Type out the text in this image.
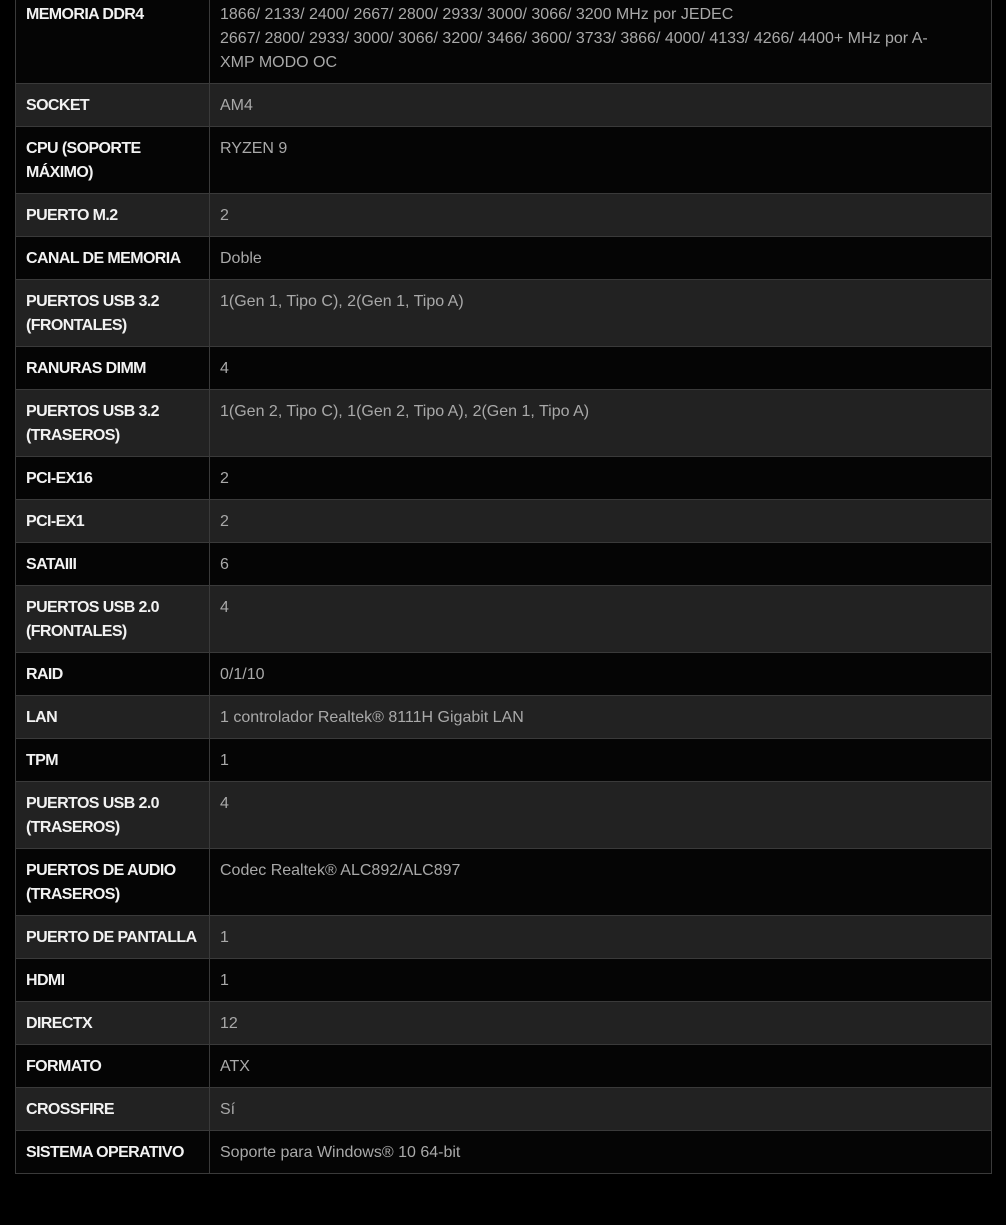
MEMORIA DDR4	1866/ 2133/ 2400/ 2667/ 2800/ 2933/ 3000/ 3066/ 3200 MHz por JEDEC
2667/ 2800/ 2933/ 3000/ 3066/ 3200/ 3466/ 3600/ 3733/ 3866/ 4000/ 4133/ 4266/ 4400+ MHz por A-
XMP MODO OC

SOCKET	AM4

CPU (SOPORTE MÁXIMO)	RYZEN 9

PUERTO M.2	2

CANAL DE MEMORIA	Doble

PUERTOS USB 3.2 (FRONTALES)	1(Gen 1, Tipo C), 2(Gen 1, Tipo A)

RANURAS DIMM	4

PUERTOS USB 3.2 (TRASEROS)	1(Gen 2, Tipo C), 1(Gen 2, Tipo A), 2(Gen 1, Tipo A)

PCI-EX16	2

PCI-EX1	2

SATAIII	6

PUERTOS USB 2.0 (FRONTALES)	4

RAID	0/1/10

LAN	1 controlador Realtek® 8111H Gigabit LAN

TPM	1

PUERTOS USB 2.0 (TRASEROS)	4

PUERTOS DE AUDIO (TRASEROS)	Codec Realtek® ALC892/ALC897

PUERTO DE PANTALLA	1

HDMI	1

DIRECTX	12

FORMATO	ATX

CROSSFIRE	Sí

SISTEMA OPERATIVO	Soporte para Windows® 10 64-bit
